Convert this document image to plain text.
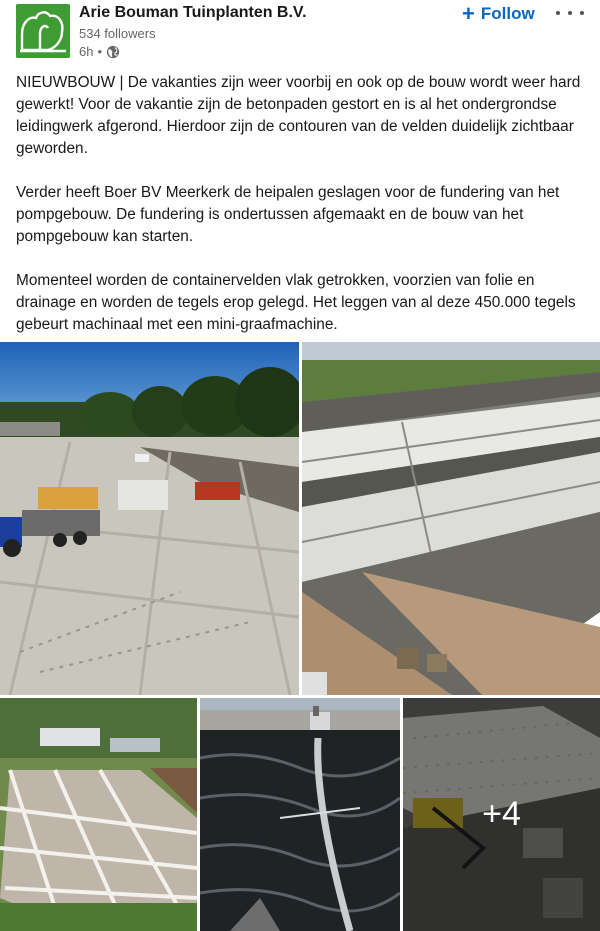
Arie Bouman Tuinplanten B.V.
534 followers
6h •
+ Follow

NIEUWBOUW | De vakanties zijn weer voorbij en ook op de bouw wordt weer hard gewerkt! Voor de vakantie zijn de betonpaden gestort en is al het ondergrondse leidingwerk afgerond. Hierdoor zijn de contouren van de velden duidelijk zichtbaar geworden.

Verder heeft Boer BV Meerkerk de heipalen geslagen voor de fundering van het pompgebouw. De fundering is ondertussen afgemaakt en de bouw van het pompgebouw kan starten.

Momenteel worden de containervelden vlak getrokken, voorzien van folie en drainage en worden de tegels erop gelegd. Het leggen van al deze 450.000 tegels gebeurt machinaal met een mini-graafmachine.

+4
